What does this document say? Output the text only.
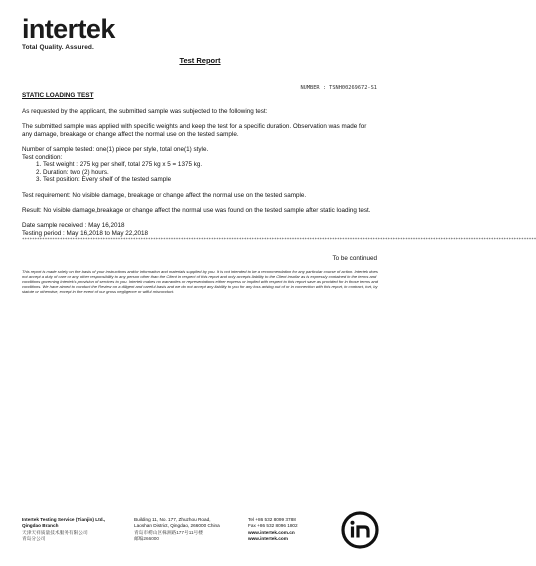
intertek
Total Quality. Assured.
Test Report
NUMBER : TSNH00269672-S1
STATIC LOADING TEST

As requested by the applicant, the submitted sample was subjected to the following test:

The submitted sample was applied with specific weights and keep the test for a specific duration. Observation was made for any damage, breakage or change affect the normal use on the tested sample.

Number of sample tested: one(1) piece per style, total one(1) style.

Test condition:

1. Test weight : 275 kg per shelf, total 275 kg x 5 = 1375 kg.
2. Duration: two (2) hours.
3. Test position: Every shelf of the tested sample

Test requirement: No visible damage, breakage or change affect the normal use on the tested sample.

Result: No visible damage,breakage or change affect the normal use was found on the tested sample after static loading test.

Date sample received : May 16,2018

Testing period : May 16,2018 to May 22,2018

************************************************************************************************************************************************************************************************************
To be continued
This report is made solely on the basis of your instructions and/or information and materials supplied by you. It is not intended to be a recommendation for any particular course of action. Intertek does not accept a duty of care or any other responsibility to any person other than the Client in respect of this report and only accepts liability to the Client insofar as is expressly contained in the terms and conditions governing Intertek's provision of services to you. Intertek makes no warranties or representations either express or implied with respect to this report save as provided for in those terms and conditions. We have aimed to conduct the Review on a diligent and careful basis and we do not accept any liability to you for any loss arising out of or in connection with this report, in contract, tort, by statute or otherwise, except in the event of our gross negligence or wilful misconduct.
Intertek Testing Service (Tianjin) Ltd.,
Qingdao Branch
天津天祥质量技术服务有限公司
青岛分公司
Building 11, No. 177, Zhuzhou Road,
Laoshan District, Qingdao, 266000 China
青岛市崂山区株洲路177号11号楼
邮编266000
Tel +86 532 8099 3788
Fax +86 532 8096 1802
www.intertek.com.cn
www.intertek.com
